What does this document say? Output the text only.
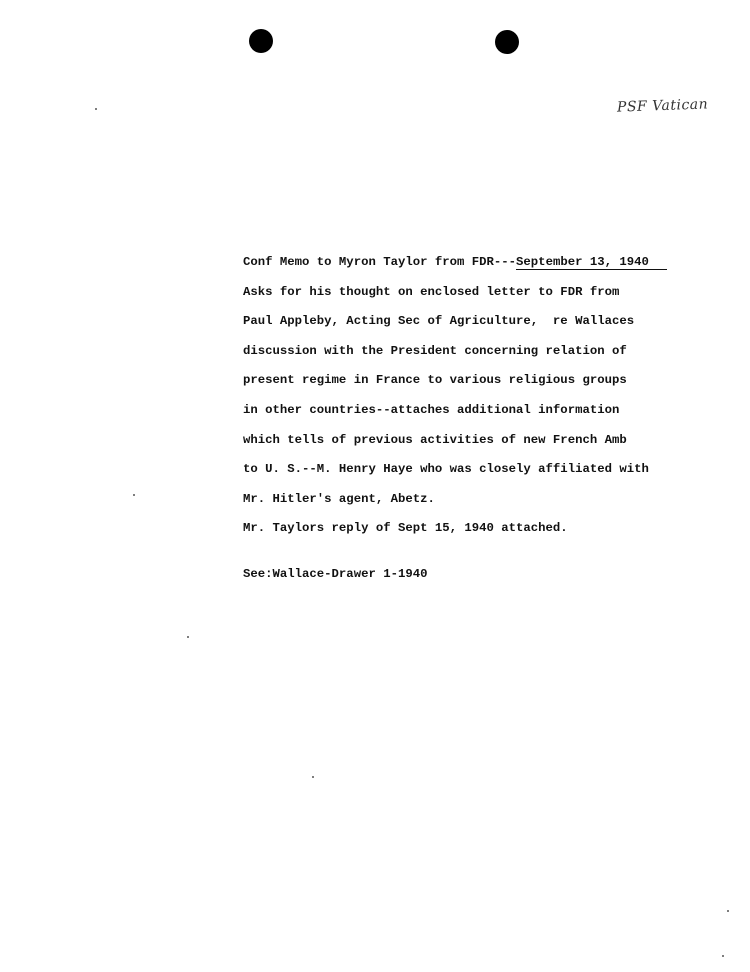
PSF Vatican
Conf Memo to Myron Taylor from FDR---September 13, 1940
Asks for his thought on enclosed letter to FDR from
Paul Appleby, Acting Sec of Agriculture,  re Wallaces
discussion with the President concerning relation of
present regime in France to various religious groups
in other countries--attaches additional information
which tells of previous activities of new French Amb
to U. S.--M. Henry Haye who was closely affiliated with
Mr. Hitler's agent, Abetz.
Mr. Taylors reply of Sept 15, 1940 attached.
See:Wallace-Drawer 1-1940
